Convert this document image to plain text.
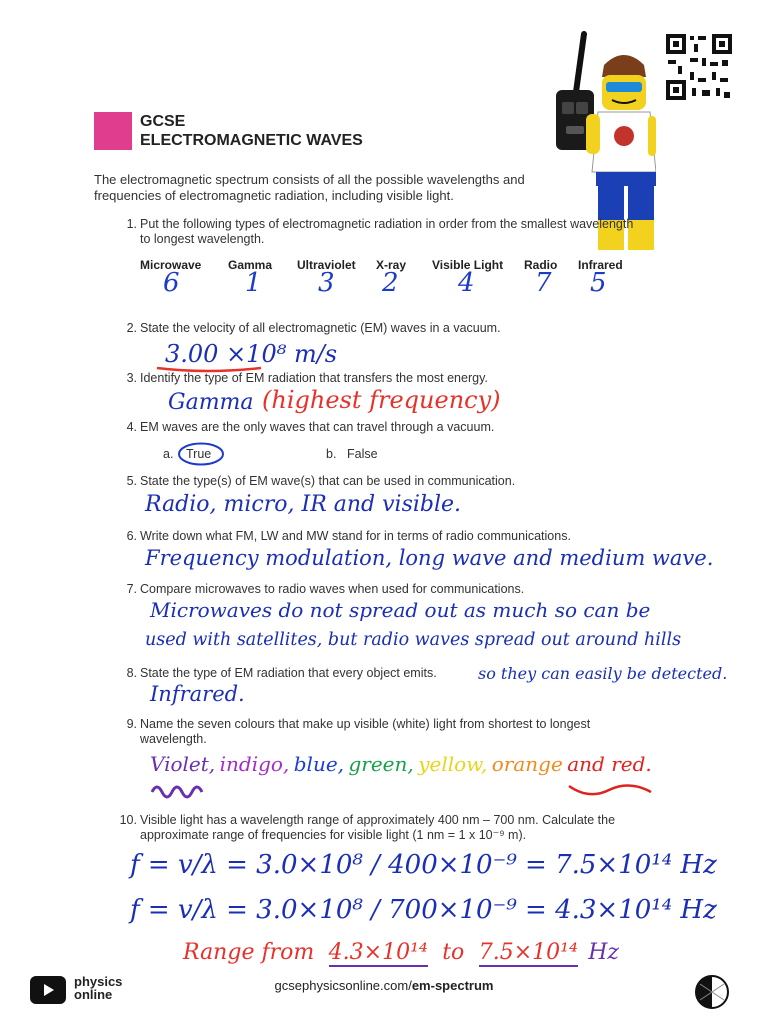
GCSE
ELECTROMAGNETIC WAVES
The electromagnetic spectrum consists of all the possible wavelengths and frequencies of electromagnetic radiation, including visible light.
1. Put the following types of electromagnetic radiation in order from the smallest wavelength to longest wavelength.
Microwave Gamma Ultraviolet X-ray Visible Light Radio Infrared
6	1 3 2 4 7 5
2. State the velocity of all electromagnetic (EM) waves in a vacuum.
3.00 ×10⁸ m/s
3. Identify the type of EM radiation that transfers the most energy.
Gamma (highest frequency)
4. EM waves are the only waves that can travel through a vacuum.
a. True	b. False
5. State the type(s) of EM wave(s) that can be used in communication.
Radio, micro, IR and visible.
6. Write down what FM, LW and MW stand for in terms of radio communications.
Frequency modulation, long wave and medium wave.
7. Compare microwaves to radio waves when used for communications.
Microwaves do not spread out as much so can be
used with satellites, but radio waves spread out around hills
so they can easily be detected.
8. State the type of EM radiation that every object emits.
Infrared.
9. Name the seven colours that make up visible (white) light from shortest to longest wavelength.
Violet, indigo, blue, green, yellow, orange and red.
10. Visible light has a wavelength range of approximately 400 nm – 700 nm. Calculate the approximate range of frequencies for visible light (1 nm = 1 x 10⁻⁹ m).
f = v/λ = 3.0×10⁸ / 400×10⁻⁹ = 7.5×10¹⁴ Hz
f = v/λ = 3.0×10⁸ / 700×10⁻⁹ = 4.3×10¹⁴ Hz
Range from 4.3×10¹⁴ to 7.5×10¹⁴ Hz
physics
online
gcsephysicsonline.com/em-spectrum
